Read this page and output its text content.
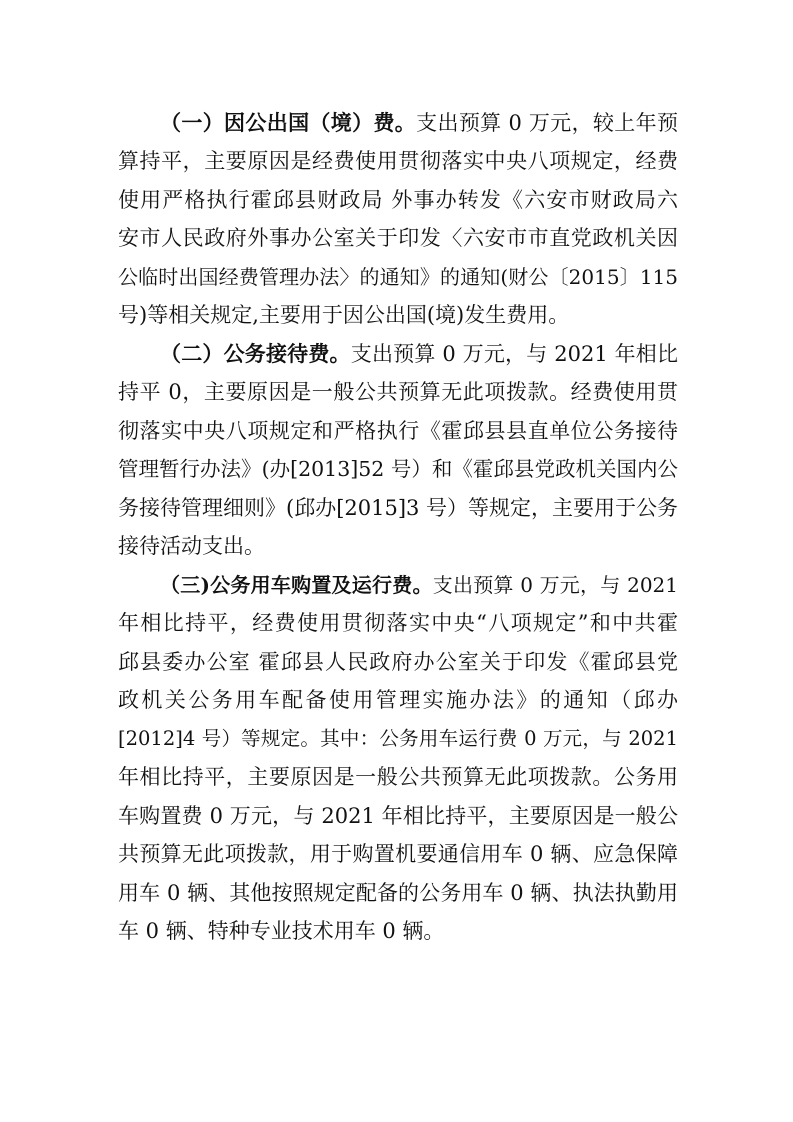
（一）因公出国（境）费。支出预算 0 万元，较上年预
算持平，主要原因是经费使用贯彻落实中央八项规定，经费
使用严格执行霍邱县财政局 外事办转发《六安市财政局六
安市人民政府外事办公室关于印发〈六安市市直党政机关因
公临时出国经费管理办法〉的通知》的通知(财公〔2015〕115
号)等相关规定,主要用于因公出国(境)发生费用。
（二）公务接待费。支出预算 0 万元，与 2021 年相比
持平 0，主要原因是一般公共预算无此项拨款。经费使用贯
彻落实中央八项规定和严格执行《霍邱县县直单位公务接待
管理暂行办法》(办[2013]52 号）和《霍邱县党政机关国内公
务接待管理细则》(邱办[2015]3 号）等规定，主要用于公务
接待活动支出。
（三)公务用车购置及运行费。支出预算 0 万元，与 2021
年相比持平，经费使用贯彻落实中央“八项规定”和中共霍
邱县委办公室 霍邱县人民政府办公室关于印发《霍邱县党
政机关公务用车配备使用管理实施办法》的通知（邱办
[2012]4 号）等规定。其中：公务用车运行费 0 万元，与 2021
年相比持平，主要原因是一般公共预算无此项拨款。公务用
车购置费 0 万元，与 2021 年相比持平，主要原因是一般公
共预算无此项拨款，用于购置机要通信用车 0 辆、应急保障
用车 0 辆、其他按照规定配备的公务用车 0 辆、执法执勤用
车 0 辆、特种专业技术用车 0 辆。
